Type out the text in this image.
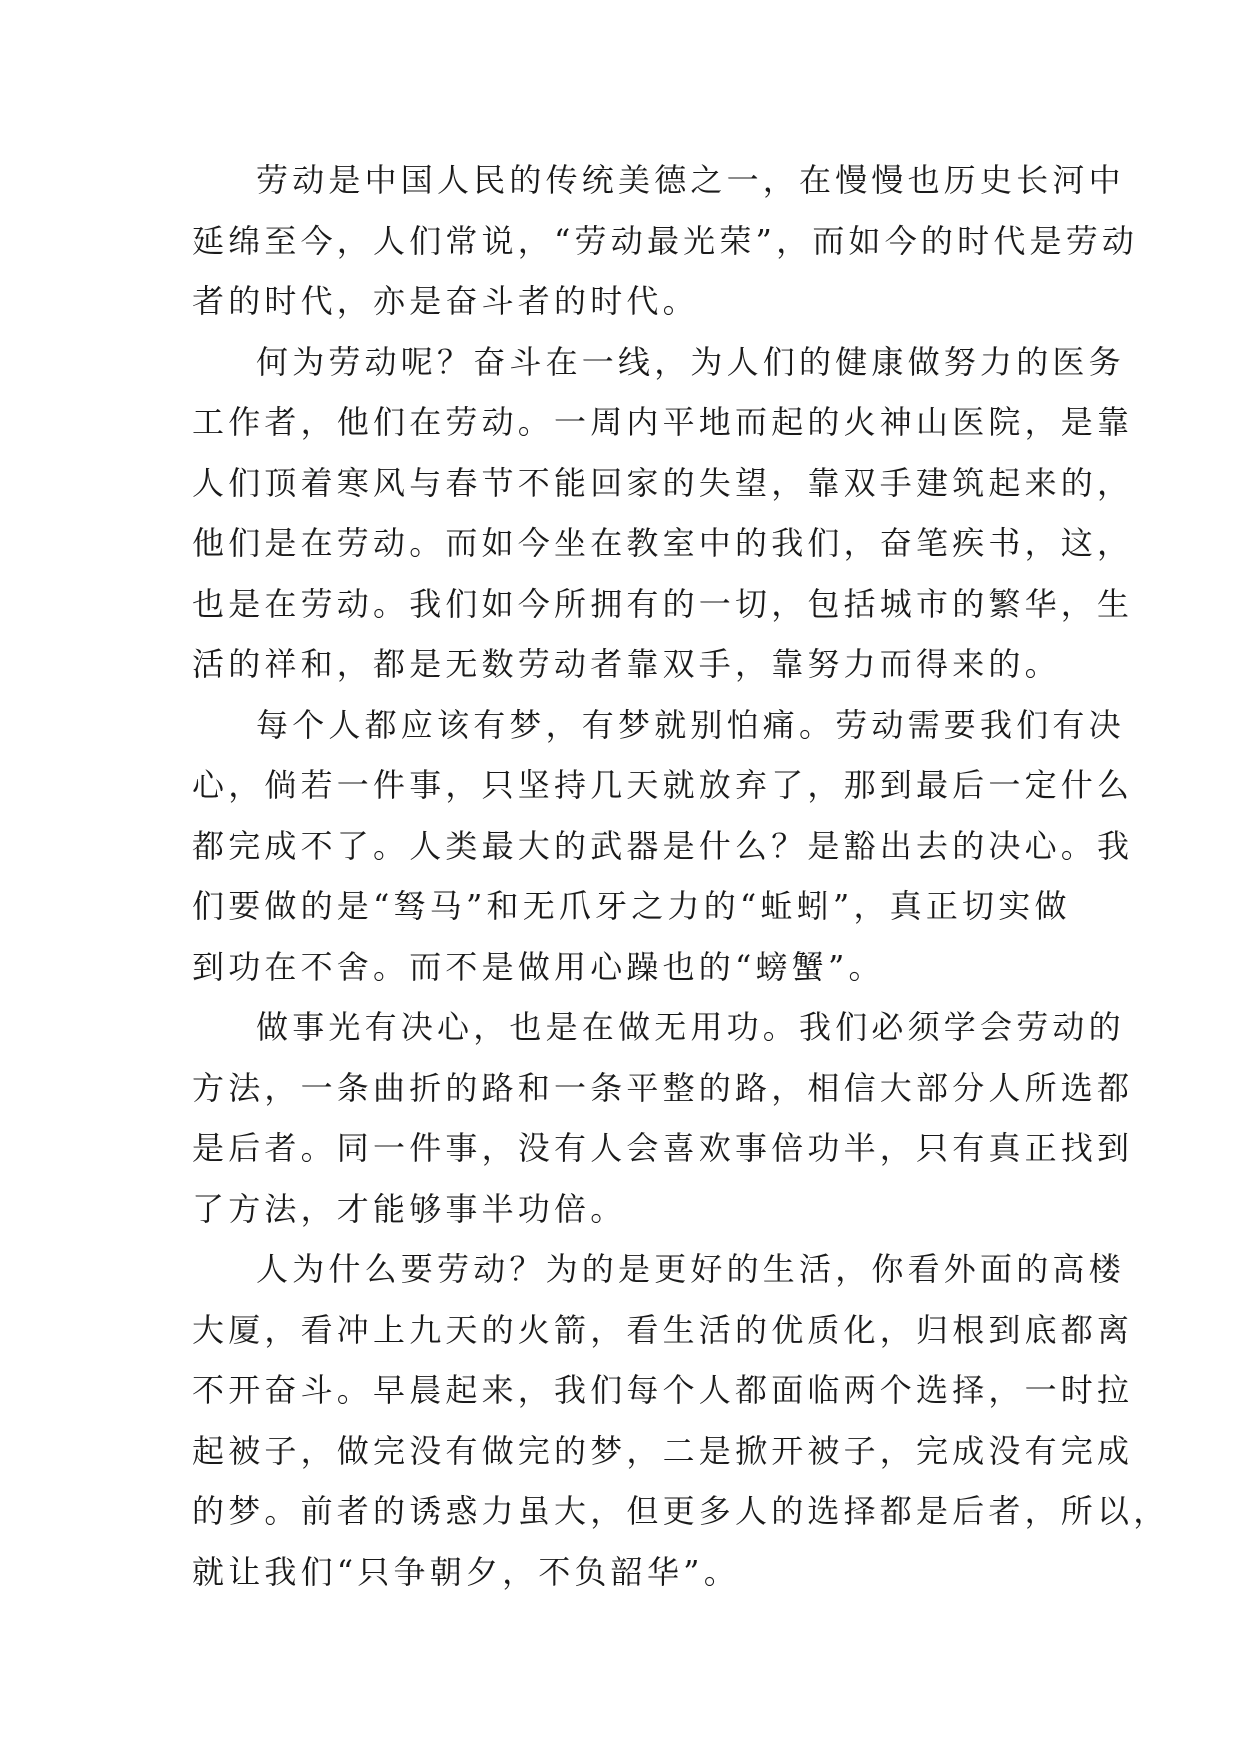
劳动是中国人民的传统美德之一，在慢慢也历史长河中
延绵至今，人们常说，“劳动最光荣”，而如今的时代是劳动
者的时代，亦是奋斗者的时代。

何为劳动呢？奋斗在一线，为人们的健康做努力的医务
工作者，他们在劳动。一周内平地而起的火神山医院，是靠
人们顶着寒风与春节不能回家的失望，靠双手建筑起来的，
他们是在劳动。而如今坐在教室中的我们，奋笔疾书，这，
也是在劳动。我们如今所拥有的一切，包括城市的繁华，生
活的祥和，都是无数劳动者靠双手，靠努力而得来的。

每个人都应该有梦，有梦就别怕痛。劳动需要我们有决
心，倘若一件事，只坚持几天就放弃了，那到最后一定什么
都完成不了。人类最大的武器是什么？是豁出去的决心。我
们要做的是“驽马”和无爪牙之力的“蚯蚓”，真正切实做
到功在不舍。而不是做用心躁也的“螃蟹”。

做事光有决心，也是在做无用功。我们必须学会劳动的
方法，一条曲折的路和一条平整的路，相信大部分人所选都
是后者。同一件事，没有人会喜欢事倍功半，只有真正找到
了方法，才能够事半功倍。

人为什么要劳动？为的是更好的生活，你看外面的高楼
大厦，看冲上九天的火箭，看生活的优质化，归根到底都离
不开奋斗。早晨起来，我们每个人都面临两个选择，一时拉
起被子，做完没有做完的梦，二是掀开被子，完成没有完成
的梦。前者的诱惑力虽大，但更多人的选择都是后者，所以，
就让我们“只争朝夕，不负韶华”。
